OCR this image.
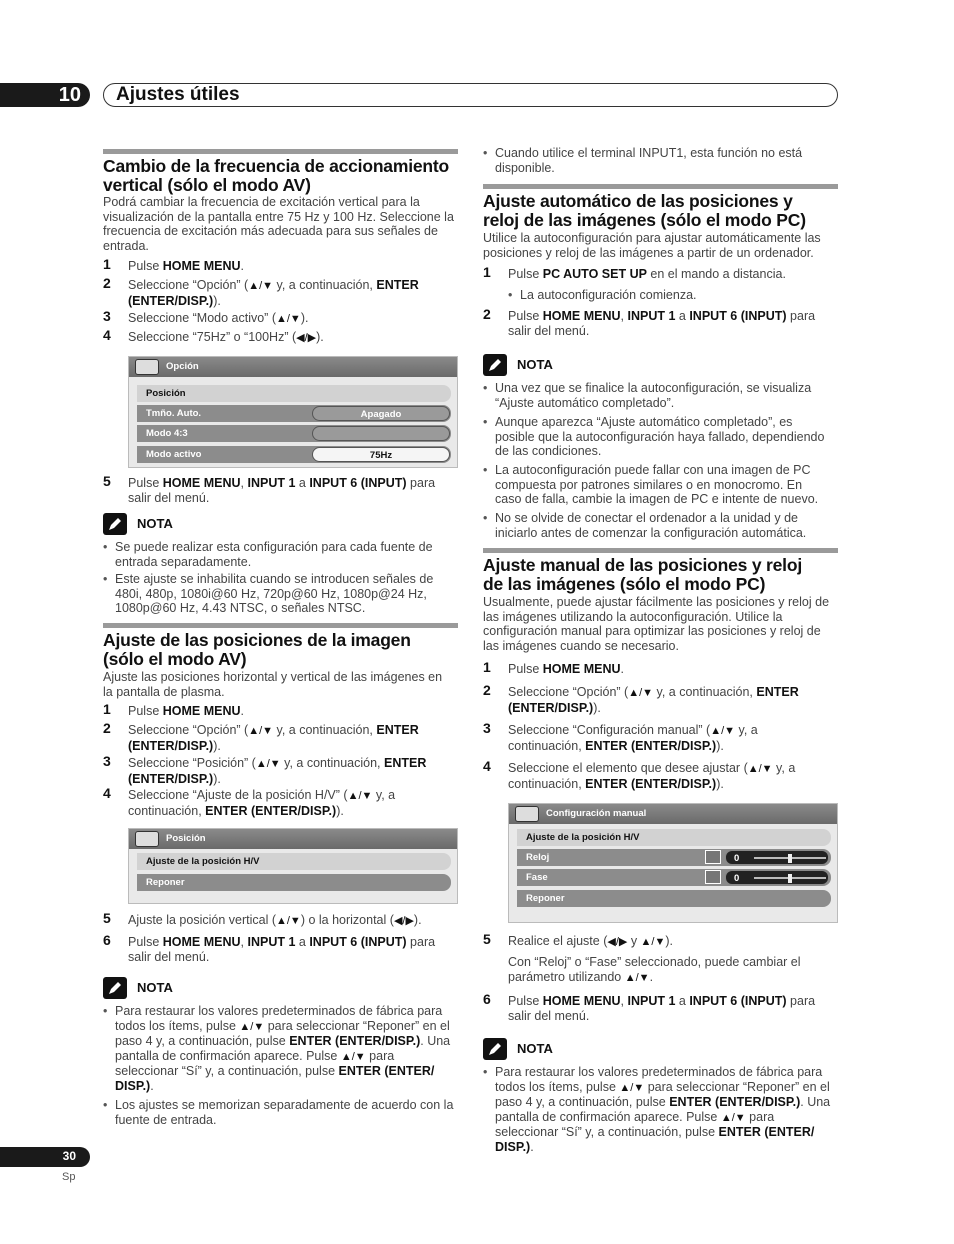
10 Ajustes útiles
Cambio de la frecuencia de accionamiento
vertical (sólo el modo AV)
Podrá cambiar la frecuencia de excitación vertical para la
visualización de la pantalla entre 75 Hz y 100 Hz. Seleccione la
frecuencia de excitación más adecuada para sus señales de
entrada.
1 Pulse HOME MENU.
2 Seleccione “Opción” (▲/▼ y, a continuación, ENTER
(ENTER/DISP.)).
3 Seleccione “Modo activo” (▲/▼).
4 Seleccione “75Hz” o “100Hz” (◀/▶).
Opción
Posición
Tmño. Auto.	Apagado
Modo 4:3
Modo activo	75Hz
5 Pulse HOME MENU, INPUT 1 a INPUT 6 (INPUT) para
salir del menú.
NOTA
• Se puede realizar esta configuración para cada fuente de
entrada separadamente.
• Este ajuste se inhabilita cuando se introducen señales de
480i, 480p, 1080i@60 Hz, 720p@60 Hz, 1080p@24 Hz,
1080p@60 Hz, 4.43 NTSC, o señales NTSC.
Ajuste de las posiciones de la imagen
(sólo el modo AV)
Ajuste las posiciones horizontal y vertical de las imágenes en
la pantalla de plasma.
1 Pulse HOME MENU.
2 Seleccione “Opción” (▲/▼ y, a continuación, ENTER
(ENTER/DISP.)).
3 Seleccione “Posición” (▲/▼ y, a continuación, ENTER
(ENTER/DISP.)).
4 Seleccione “Ajuste de la posición H/V” (▲/▼ y, a
continuación, ENTER (ENTER/DISP.)).
Posición
Ajuste de la posición H/V
Reponer
5 Ajuste la posición vertical (▲/▼) o la horizontal (◀/▶).
6 Pulse HOME MENU, INPUT 1 a INPUT 6 (INPUT) para
salir del menú.
NOTA
• Para restaurar los valores predeterminados de fábrica para
todos los ítems, pulse ▲/▼ para seleccionar “Reponer” en el
paso 4 y, a continuación, pulse ENTER (ENTER/DISP.). Una
pantalla de confirmación aparece. Pulse ▲/▼ para
seleccionar “Sí” y, a continuación, pulse ENTER (ENTER/
DISP.).
• Los ajustes se memorizan separadamente de acuerdo con la
fuente de entrada.
• Cuando utilice el terminal INPUT1, esta función no está
disponible.
Ajuste automático de las posiciones y
reloj de las imágenes (sólo el modo PC)
Utilice la autoconfiguración para ajustar automáticamente las
posiciones y reloj de las imágenes a partir de un ordenador.
1 Pulse PC AUTO SET UP en el mando a distancia.
• La autoconfiguración comienza.
2 Pulse HOME MENU, INPUT 1 a INPUT 6 (INPUT) para
salir del menú.
NOTA
• Una vez que se finalice la autoconfiguración, se visualiza
“Ajuste automático completado”.
• Aunque aparezca “Ajuste automático completado”, es
posible que la autoconfiguración haya fallado, dependiendo
de las condiciones.
• La autoconfiguración puede fallar con una imagen de PC
compuesta por patrones similares o en monocromo. En
caso de falla, cambie la imagen de PC e intente de nuevo.
• No se olvide de conectar el ordenador a la unidad y de
iniciarlo antes de comenzar la configuración automática.
Ajuste manual de las posiciones y reloj
de las imágenes (sólo el modo PC)
Usualmente, puede ajustar fácilmente las posiciones y reloj de
las imágenes utilizando la autoconfiguración. Utilice la
configuración manual para optimizar las posiciones y reloj de
las imágenes cuando se necesario.
1 Pulse HOME MENU.
2 Seleccione “Opción” (▲/▼ y, a continuación, ENTER
(ENTER/DISP.)).
3 Seleccione “Configuración manual” (▲/▼ y, a
continuación, ENTER (ENTER/DISP.)).
4 Seleccione el elemento que desee ajustar (▲/▼ y, a
continuación, ENTER (ENTER/DISP.)).
Configuración manual
Ajuste de la posición H/V
Reloj	0
Fase	0
Reponer
5 Realice el ajuste (◀/▶ y ▲/▼).
Con “Reloj” o “Fase” seleccionado, puede cambiar el
parámetro utilizando ▲/▼.
6 Pulse HOME MENU, INPUT 1 a INPUT 6 (INPUT) para
salir del menú.
NOTA
• Para restaurar los valores predeterminados de fábrica para
todos los ítems, pulse ▲/▼ para seleccionar “Reponer” en el
paso 4 y, a continuación, pulse ENTER (ENTER/DISP.). Una
pantalla de confirmación aparece. Pulse ▲/▼ para
seleccionar “Sí” y, a continuación, pulse ENTER (ENTER/
DISP.).
30
Sp
